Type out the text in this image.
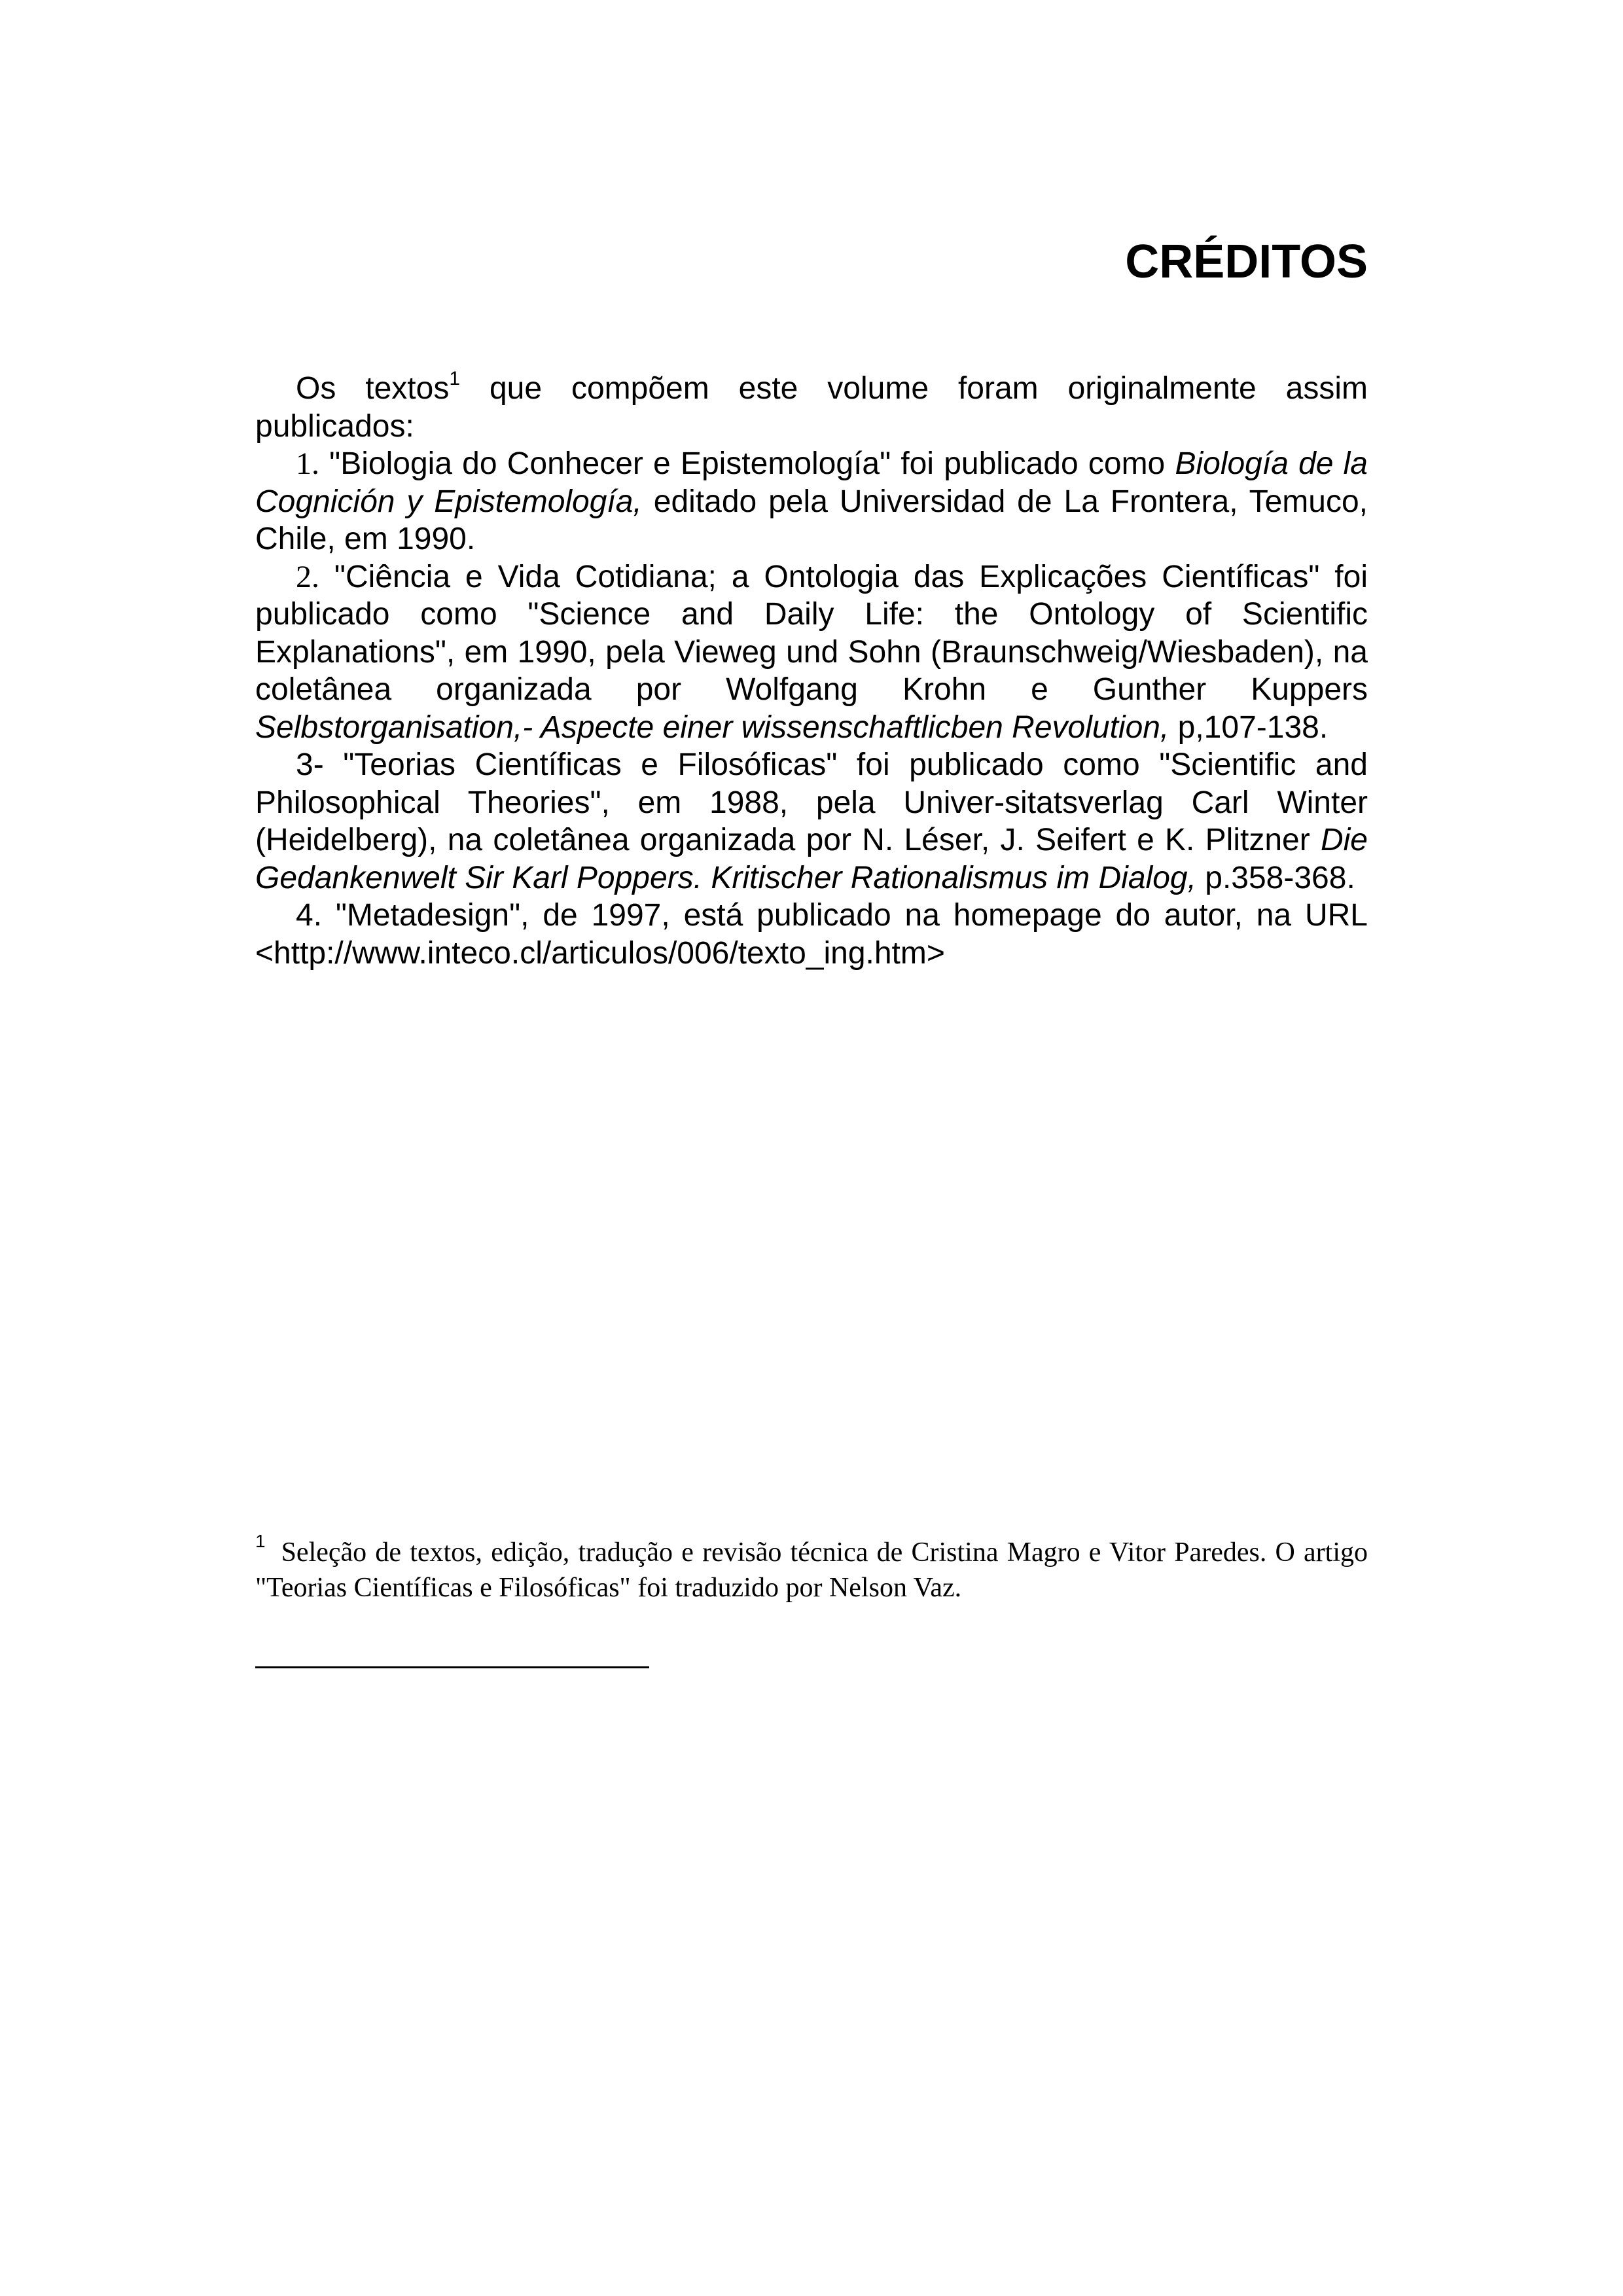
CRÉDITOS

Os textos$^1$ que compõem este volume foram originalmente assim publicados:

1. "Biologia do Conhecer e Epistemología" foi publicado como Biología de la Cognición y Epistemología, editado pela Universidad de La Frontera, Temuco, Chile, em 1990.

2. "Ciência e Vida Cotidiana; a Ontologia das Explicações Científicas" foi publicado como "Science and Daily Life: the Ontology of Scientific Explanations", em 1990, pela Vieweg und Sohn (Braunschweig/Wiesbaden), na coletânea organizada por Wolfgang Krohn e Gunther Kuppers Selbstorganisation,- Aspecte einer wissenschaftlicben Revolution, p,107-138.

3- "Teorias Científicas e Filosóficas" foi publicado como "Scientific and Philosophical Theories", em 1988, pela Univer-sitatsverlag Carl Winter (Heidelberg), na coletânea organizada por N. Léser, J. Seifert e K. Plitzner Die Gedankenwelt Sir Karl Poppers. Kritischer Rationalismus im Dialog, p.358-368.

4. "Metadesign", de 1997, está publicado na homepage do autor, na URL <http://www.inteco.cl/articulos/006/texto_ing.htm>

$^1$ Seleção de textos, edição, tradução e revisão técnica de Cristina Magro e Vitor Paredes. O artigo "Teorias Científicas e Filosóficas" foi traduzido por Nelson Vaz.
